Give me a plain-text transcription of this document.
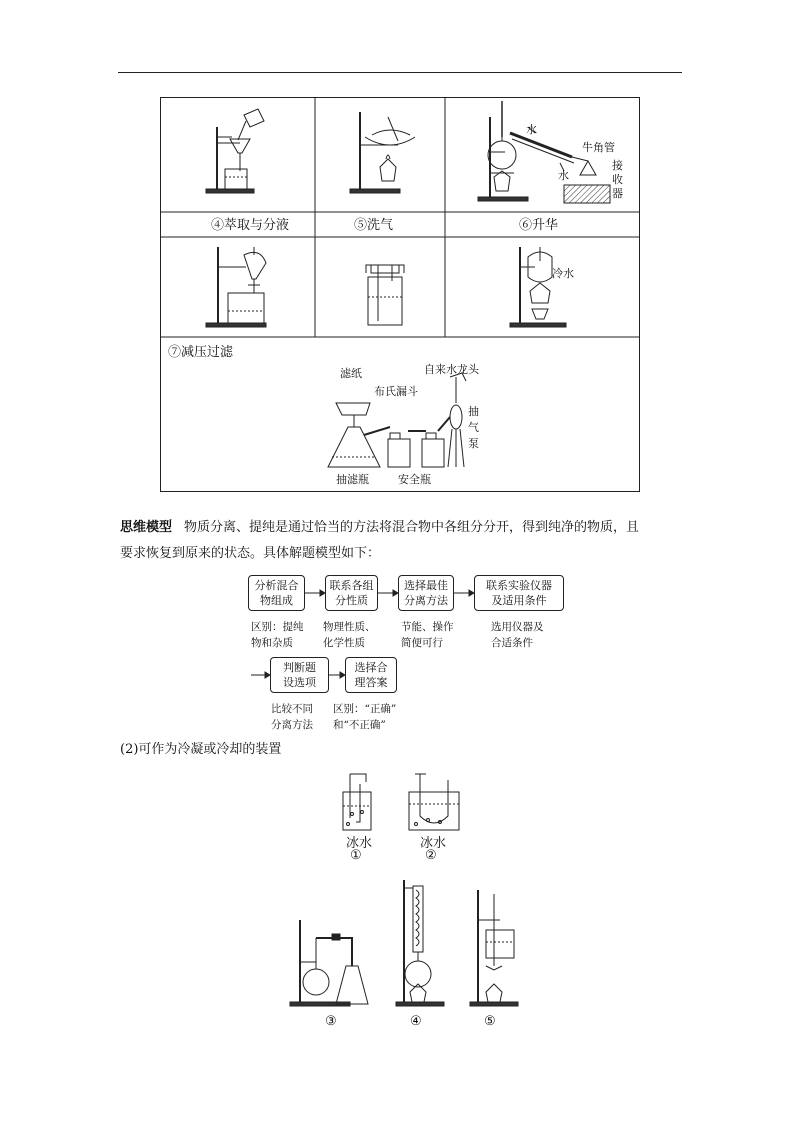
④萃取与分液	⑤洗气	⑥升华
水
水
牛角管
接
收
器
冷水
⑦减压过滤
滤纸
布氏漏斗
自来水龙头
抽
气
泵
抽滤瓶	安全瓶
思维模型 物质分离、提纯是通过恰当的方法将混合物中各组分分开，得到纯净的物质，且
要求恢复到原来的状态。具体解题模型如下：
分析混合
物组成
联系各组
分性质
选择最佳
分离方法
联系实验仪器
及适用条件
区别：提纯
物和杂质
物理性质、
化学性质
节能、操作
简便可行
选用仪器及
合适条件
判断题
设选项
选择合
理答案
比较不同
分离方法
区别：“正确”
和“不正确”
(2)可作为冷凝或冷却的装置
冰水	冰水
①	②
③	④	⑤
